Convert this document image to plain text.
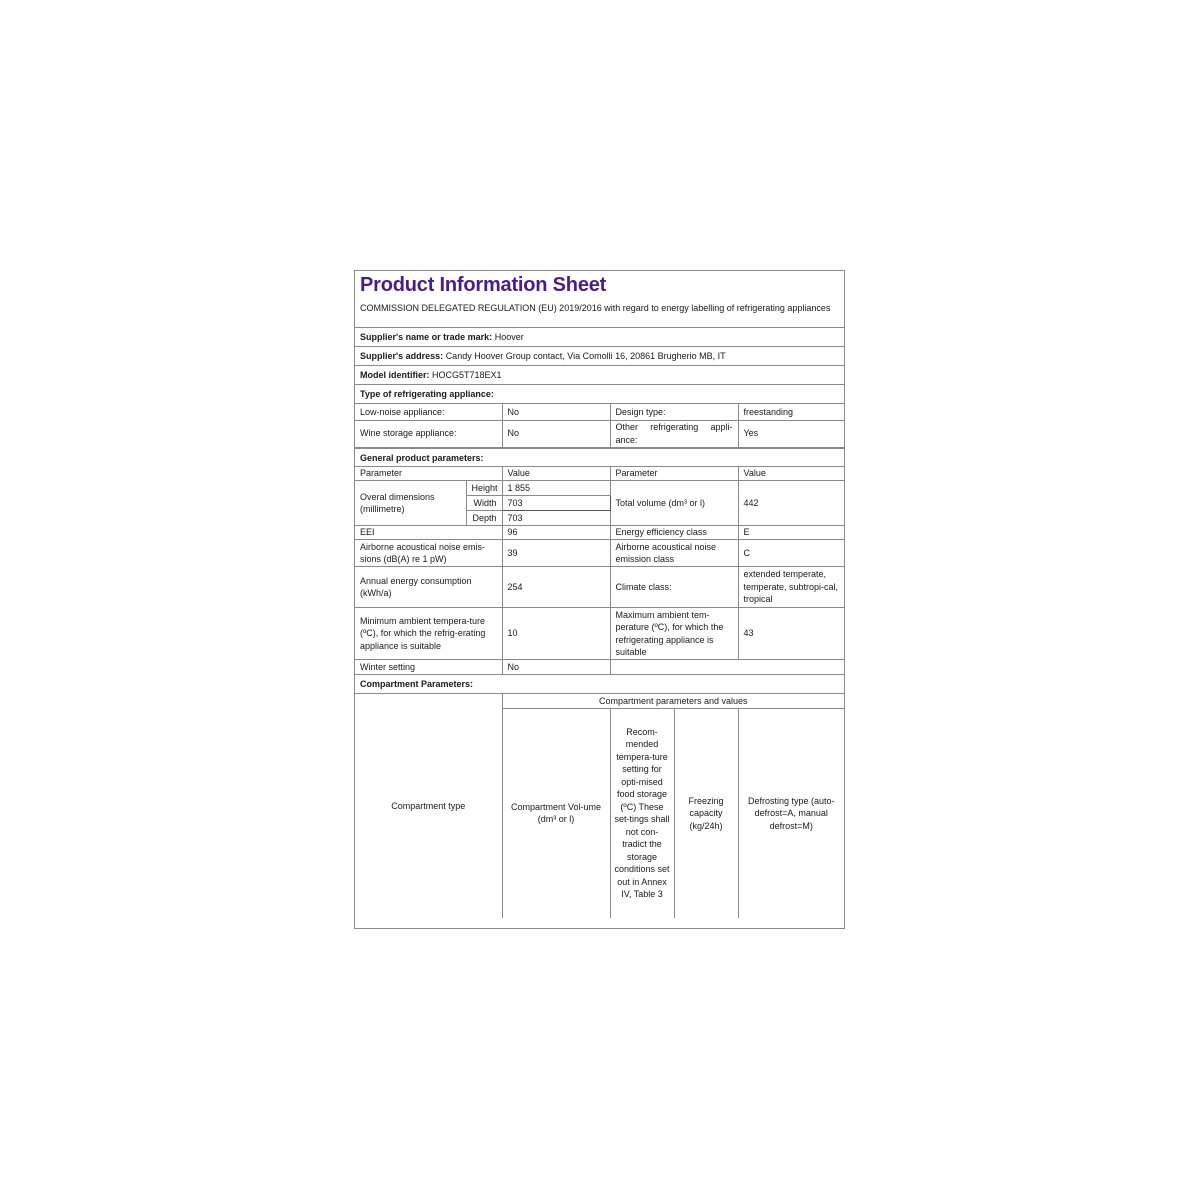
Product Information Sheet
COMMISSION DELEGATED REGULATION (EU) 2019/2016 with regard to energy labelling of refrigerating appliances
Supplier's name or trade mark: Hoover
Supplier's address: Candy Hoover Group contact, Via Comolli 16, 20861 Brugherio MB, IT
Model identifier: HOCG5T718EX1
Type of refrigerating appliance:
Low-noise appliance:	No	Design type:	freestanding
Wine storage appliance:	No	Other refrigerating appli-ance:	Yes
General product parameters:
Parameter		Value	Parameter	Value
Overal dimensions (millimetre)	Height	1 855	Total volume (dm³ or l)	442
	Width	703		
	Depth	703		
EEI		96	Energy efficiency class	E
Airborne acoustical noise emis-sions (dB(A) re 1 pW)		39	Airborne acoustical noise emission class	C
Annual energy consumption (kWh/a)		254	Climate class:	extended temperate, temperate, subtropi-cal, tropical
Minimum ambient tempera-ture (ºC), for which the refrig-erating appliance is suitable		10	Maximum ambient tem-perature (ºC), for which the refrigerating appliance is suitable	43
Winter setting		No		
Compartment Parameters:
Compartment type	Compartment parameters and values			
	Compartment Vol-ume (dm³ or l)	Recom-mended tempera-ture setting for opti-mised food storage (ºC) These set-tings shall not con-tradict the storage conditions set out in Annex IV, Table 3	Freezing capacity (kg/24h)	Defrosting type (auto-defrost=A, manual defrost=M)
